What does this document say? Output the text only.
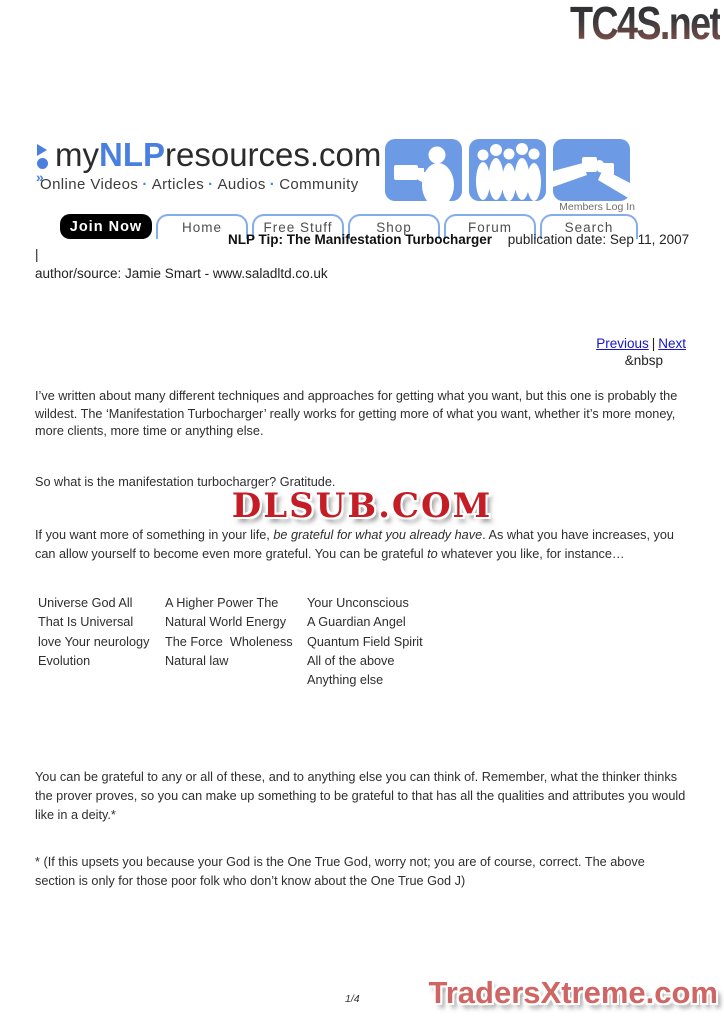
TC4S.net
DLSUB.COM
TradersXtreme.com
»
myNLPresources.com
Online Videos · Articles · Audios · Community
Members Log In
Join Now	Home	Free Stuff	Shop	Forum	Search
NLP Tip: The Manifestation Turbocharger publication date: Sep 11, 2007
|
author/source: Jamie Smart - www.saladltd.co.uk
Previous | Next
&nbsp
I’ve written about many different techniques and approaches for getting what you want, but this one is probably the wildest. The ‘Manifestation Turbocharger’ really works for getting more of what you want, whether it’s more money, more clients, more time or anything else.
So what is the manifestation turbocharger? Gratitude.
If you want more of something in your life, be grateful for what you already have. As what you have increases, you can allow yourself to become even more grateful. You can be grateful to whatever you like, for instance…
Universe God All
That Is Universal
love Your neurology
Evolution
A Higher Power The
Natural World Energy
The Force  Wholeness
Natural law
Your Unconscious
A Guardian Angel
Quantum Field Spirit
All of the above
Anything else
You can be grateful to any or all of these, and to anything else you can think of. Remember, what the thinker thinks the prover proves, so you can make up something to be grateful to that has all the qualities and attributes you would like in a deity.*
* (If this upsets you because your God is the One True God, worry not; you are of course, correct. The above section is only for those poor folk who don’t know about the One True God J)
1/4
